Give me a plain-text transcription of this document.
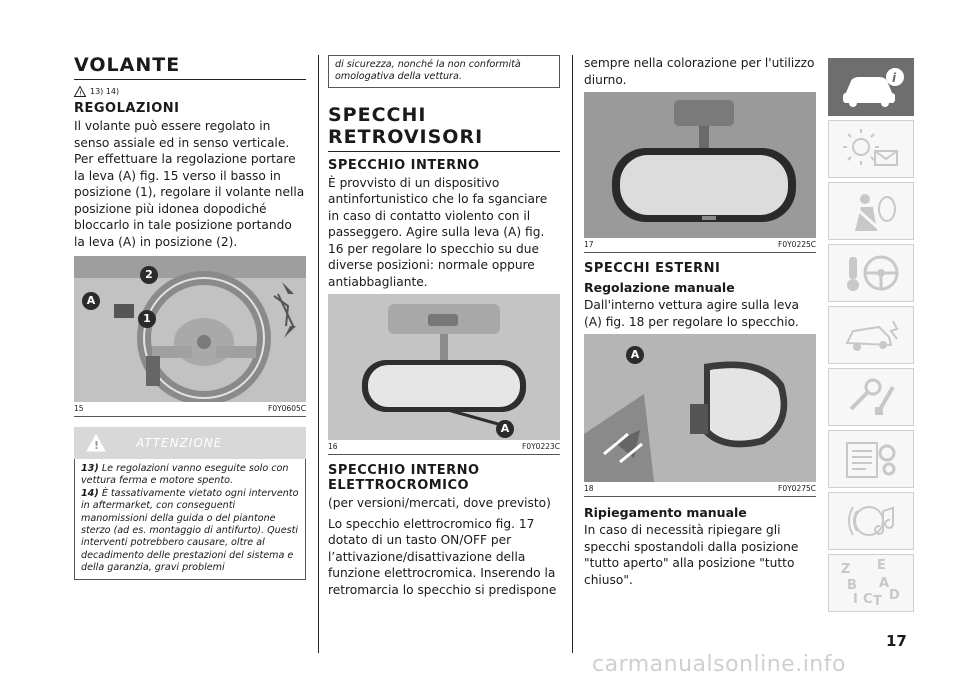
VOLANTE
! 13) 14)
REGOLAZIONI

Il volante può essere regolato in senso assiale ed in senso verticale. Per effettuare la regolazione portare la leva (A) fig. 15 verso il basso in posizione (1), regolare il volante nella posizione più idonea dopodiché bloccarlo in tale posizione portando la leva (A) in posizione (2).

2
A
1
15	F0Y0605C
!	ATTENZIONE
13) Le regolazioni vanno eseguite solo con vettura ferma e motore spento.
14) È tassativamente vietato ogni intervento in aftermarket, con conseguenti manomissioni della guida o del piantone sterzo (ad es. montaggio di antifurto). Questi interventi potrebbero causare, oltre al decadimento delle prestazioni del sistema e della garanzia, gravi problemi
di sicurezza, nonché la non conformità omologativa della vettura.
SPECCHI RETROVISORI
SPECCHIO INTERNO

È provvisto di un dispositivo antinfortunistico che lo fa sganciare in caso di contatto violento con il passeggero. Agire sulla leva (A) fig. 16 per regolare lo specchio su due diverse posizioni: normale oppure antiabbagliante.

A
16	F0Y0223C
SPECCHIO INTERNO ELETTROCROMICO

(per versioni/mercati, dove previsto)

Lo specchio elettrocromico fig. 17 dotato di un tasto ON/OFF per l’attivazione/disattivazione della funzione elettrocromica. Inserendo la retromarcia lo specchio si predispone

sempre nella colorazione per l'utilizzo diurno.

17	F0Y0225C
SPECCHI ESTERNI
Regolazione manuale

Dall'interno vettura agire sulla leva (A) fig. 18 per regolare lo specchio.

A
18	F0Y0275C
Ripiegamento manuale

In caso di necessità ripiegare gli specchi spostandoli dalla posizione "tutto aperto" alla posizione "tutto chiuso".

i
Z E
B A
I C T D
17
carmanualsonline.info
